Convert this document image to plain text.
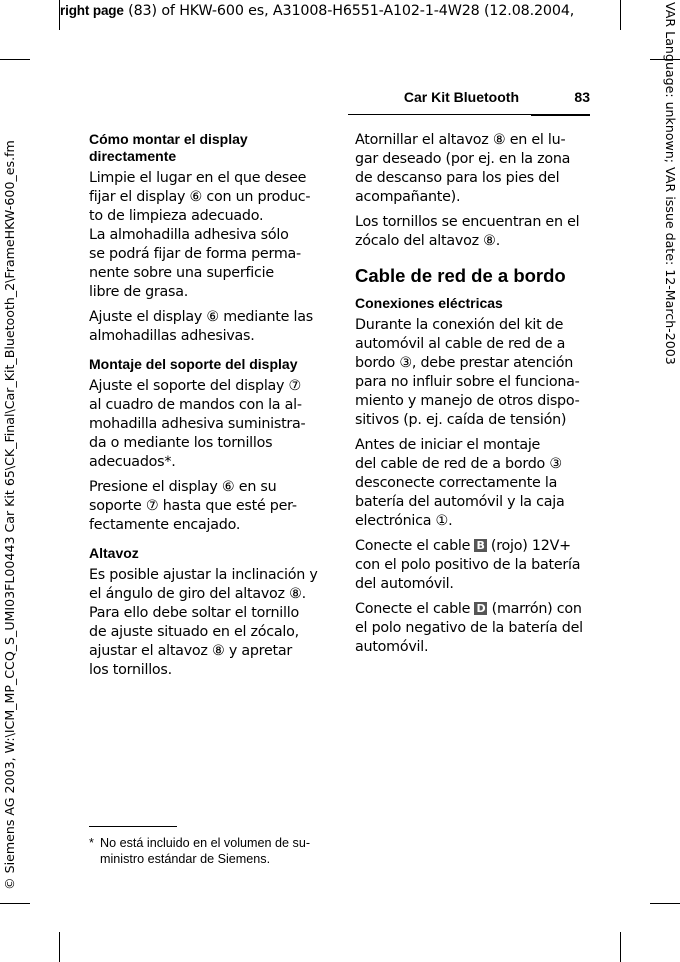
right page (83) of HKW-600 es, A31008-H6551-A102-1-4W28 (12.08.2004,
© Siemens AG 2003, W:\ICM_MP_CCQ_S_UMI03FL00443 Car Kit 65\CK_Final\Car_Kit_Bluetooth_2\FrameHKW-600_es.fm	VAR Language: unknown; VAR issue date: 12-March-2003
Car Kit Bluetooth	83
Cómo montar el display directamente
Limpie el lugar en el que desee
fijar el display ⑥ con un produc-
to de limpieza adecuado.
La almohadilla adhesiva sólo
se podrá fijar de forma perma-
nente sobre una superficie
libre de grasa.
Ajuste el display ⑥ mediante las
almohadillas adhesivas.
Montaje del soporte del display
Ajuste el soporte del display ⑦
al cuadro de mandos con la al-
mohadilla adhesiva suministra-
da o mediante los tornillos
adecuados*.
Presione el display ⑥ en su
soporte ⑦ hasta que esté per-
fectamente encajado.
Altavoz
Es posible ajustar la inclinación y
el ángulo de giro del altavoz ⑧.
Para ello debe soltar el tornillo
de ajuste situado en el zócalo,
ajustar el altavoz ⑧ y apretar
los tornillos.
Atornillar el altavoz ⑧ en el lu-
gar deseado (por ej. en la zona
de descanso para los pies del
acompañante).
Los tornillos se encuentran en el
zócalo del altavoz ⑧.
Cable de red de a bordo
Conexiones eléctricas
Durante la conexión del kit de
automóvil al cable de red de a
bordo ③, debe prestar atención
para no influir sobre el funciona-
miento y manejo de otros dispo-
sitivos (p. ej. caída de tensión)
Antes de iniciar el montaje
del cable de red de a bordo ③
desconecte correctamente la
batería del automóvil y la caja
electrónica ①.
Conecte el cable B (rojo) 12V+
con el polo positivo de la batería
del automóvil.
Conecte el cable D (marrón) con
el polo negativo de la batería del
automóvil.
* No está incluido en el volumen de su-
ministro estándar de Siemens.
